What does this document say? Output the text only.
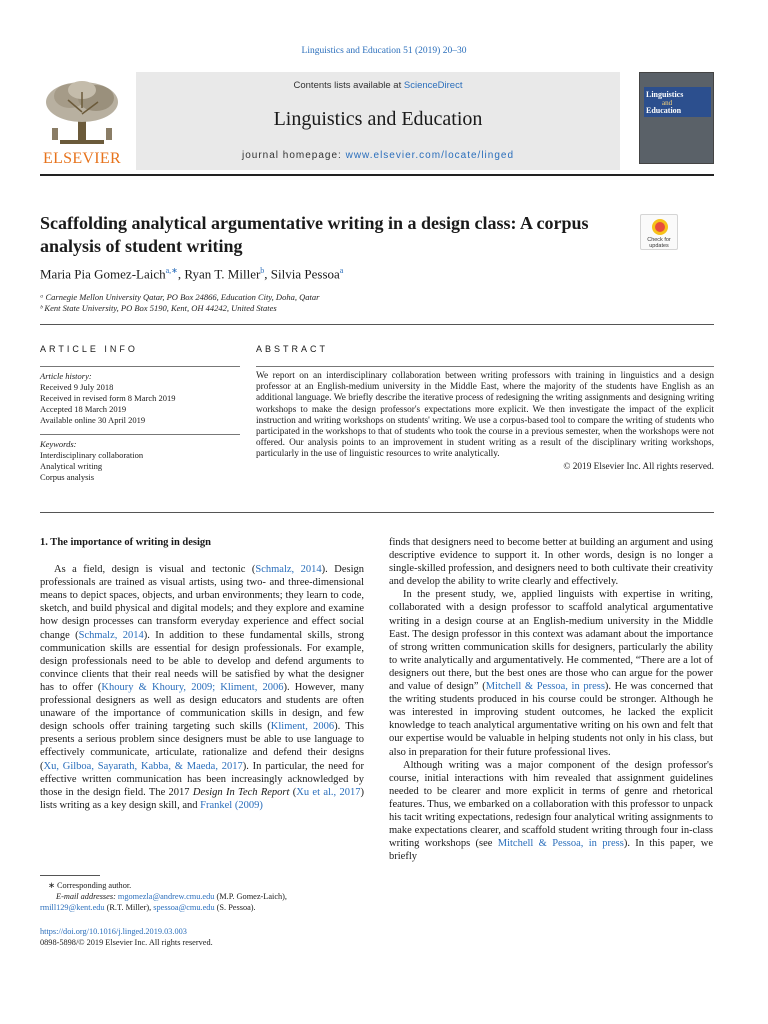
Linguistics and Education 51 (2019) 20–30
ELSEVIER
Contents lists available at ScienceDirect
Linguistics and Education
journal homepage: www.elsevier.com/locate/linged
Linguistics
and
Education
Scaffolding analytical argumentative writing in a design class: A corpus analysis of student writing	Check for
updates
Maria Pia Gomez-Laich$^{a,∗}$, Ryan T. Miller$^b$, Silvia Pessoa$^a$
ᵃ Carnegie Mellon University Qatar, PO Box 24866, Education City, Doha, Qatar
ᵇ Kent State University, PO Box 5190, Kent, OH 44242, United States
ARTICLE INFO	ABSTRACT
Article history:
Received 9 July 2018
Received in revised form 8 March 2019
Accepted 18 March 2019
Available online 30 April 2019
Keywords:
Interdisciplinary collaboration
Analytical writing
Corpus analysis

We report on an interdisciplinary collaboration between writing professors with training in linguistics and a design professor at an English-medium university in the Middle East, where the majority of the students have English as an additional language. We briefly describe the iterative process of redesigning the writing assignments and designing writing workshops to make the design professor's expectations more explicit. We then investigate the impact of the explicit instruction and writing workshops on students' writing. We use a corpus-based tool to compare the writing of students who participated in the workshops to that of students who took the course in a previous semester, when the workshops were not offered. Our analysis points to an improvement in student writing as a result of the disciplinary writing workshops, particularly in the use of linguistic resources to write analytically.

© 2019 Elsevier Inc. All rights reserved.

1. The importance of writing in design

As a field, design is visual and tectonic (Schmalz, 2014). Design professionals are trained as visual artists, using two- and three-dimensional means to depict spaces, objects, and urban environments; they learn to code, sketch, and build physical and digital models; and they explore and examine how design processes can transform everyday experience and effect social change (Schmalz, 2014). In addition to these fundamental skills, strong communication skills are essential for design professionals. For example, design professionals need to be able to develop and defend arguments to convince clients that their real needs will be satisfied by what the designer has to offer (Khoury & Khoury, 2009; Kliment, 2006). However, many professional designers as well as design educators and students are often unaware of the importance of communication skills in design, and few design schools offer training targeting such skills (Kliment, 2006). This presents a serious problem since designers must be able to use language to effectively communicate, articulate, rationalize and defend their designs (Xu, Gilboa, Sayarath, Kabba, & Maeda, 2017). In particular, the need for effective written communication has been increasingly acknowledged by those in the design field. The 2017 Design In Tech Report (Xu et al., 2017) lists writing as a key design skill, and Frankel (2009)

finds that designers need to become better at building an argument and using descriptive evidence to support it. In other words, design is no longer a single-skilled profession, and designers need to both cultivate their creativity and develop the ability to write clearly and effectively.

In the present study, we, applied linguists with expertise in writing, collaborated with a design professor to scaffold analytical argumentative writing in a design course at an English-medium university in the Middle East. The design professor in this context was adamant about the importance of strong written communication skills for designers, particularly the ability to write analytically and argumentatively. He commented, “There are a lot of designers out there, but the best ones are those who can argue for the power and value of design” (Mitchell & Pessoa, in press). He was concerned that the writing students produced in his course could be stronger. Although he was interested in improving student outcomes, he lacked the explicit knowledge to teach analytical argumentative writing on his own and felt that our expertise would be valuable in helping students not only in his class, but also in preparation for their future professional lives.

Although writing was a major component of the design professor's course, initial interactions with him revealed that assignment guidelines needed to be clearer and more explicit in terms of genre and rhetorical features. Thus, we embarked on a collaboration with this professor to unpack his tacit writing expectations, redesign four analytical writing assignments to make expectations clearer, and scaffold student writing through four in-class writing workshops (see Mitchell & Pessoa, in press). In this paper, we briefly

∗ Corresponding author.
E-mail addresses: mgomezla@andrew.cmu.edu (M.P. Gomez-Laich),
rmill129@kent.edu (R.T. Miller), spessoa@cmu.edu (S. Pessoa).
https://doi.org/10.1016/j.linged.2019.03.003
0898-5898/© 2019 Elsevier Inc. All rights reserved.
